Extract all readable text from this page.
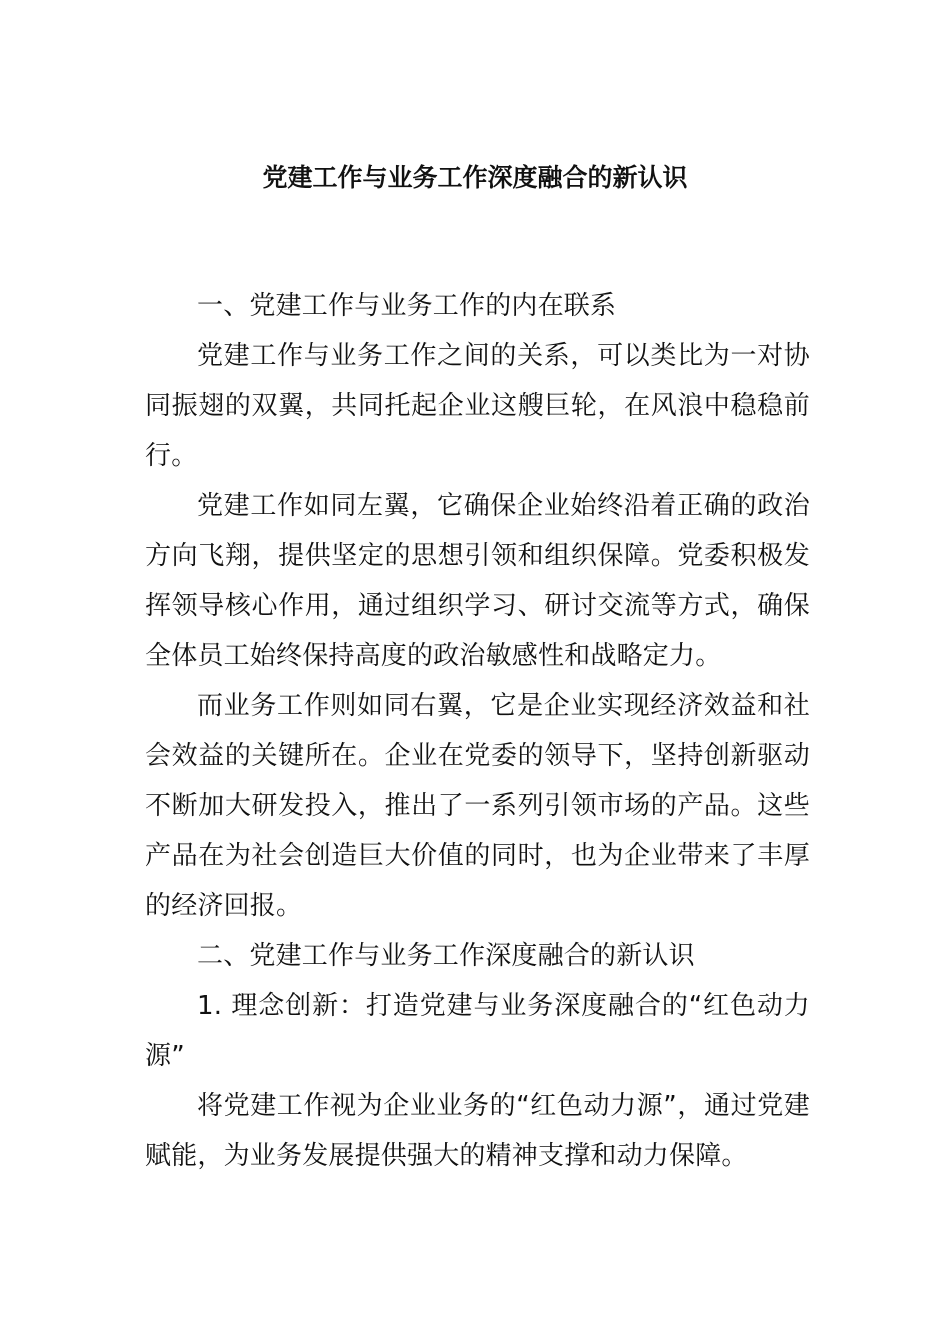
党建工作与业务工作深度融合的新认识

一、党建工作与业务工作的内在联系

党建工作与业务工作之间的关系，可以类比为一对协同振翅的双翼，共同托起企业这艘巨轮，在风浪中稳稳前行。

党建工作如同左翼，它确保企业始终沿着正确的政治方向飞翔，提供坚定的思想引领和组织保障。党委积极发挥领导核心作用，通过组织学习、研讨交流等方式，确保全体员工始终保持高度的政治敏感性和战略定力。

而业务工作则如同右翼，它是企业实现经济效益和社会效益的关键所在。企业在党委的领导下，坚持创新驱动不断加大研发投入，推出了一系列引领市场的产品。这些产品在为社会创造巨大价值的同时，也为企业带来了丰厚的经济回报。

二、党建工作与业务工作深度融合的新认识

1. 理念创新：打造党建与业务深度融合的“红色动力源”

将党建工作视为企业业务的“红色动力源”，通过党建赋能，为业务发展提供强大的精神支撑和动力保障。
